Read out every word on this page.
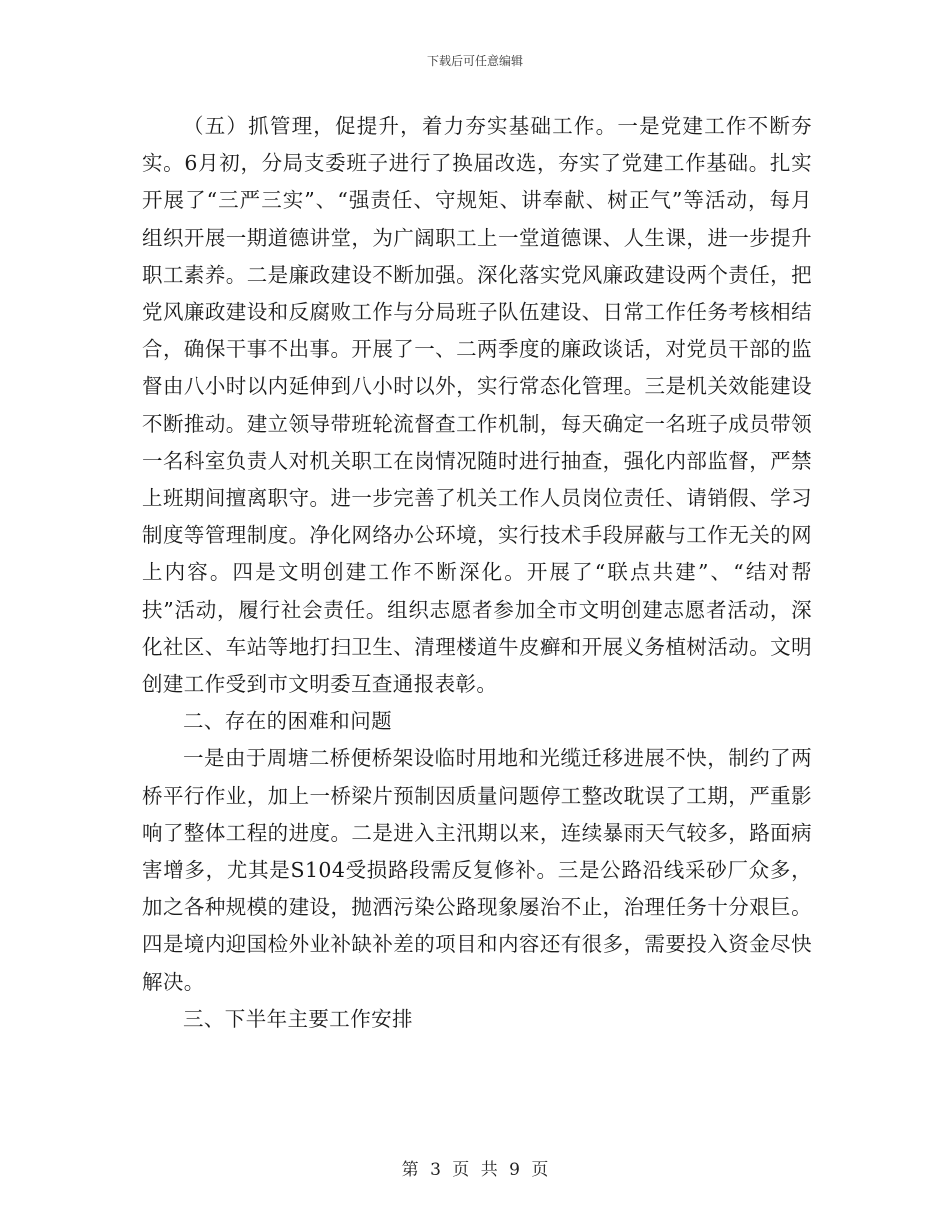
下载后可任意编辑

（五）抓管理，促提升，着力夯实基础工作。一是党建工作不断夯实。6月初，分局支委班子进行了换届改选，夯实了党建工作基础。扎实开展了“三严三实”、“强责任、守规矩、讲奉献、树正气”等活动，每月组织开展一期道德讲堂，为广阔职工上一堂道德课、人生课，进一步提升职工素养。二是廉政建设不断加强。深化落实党风廉政建设两个责任，把党风廉政建设和反腐败工作与分局班子队伍建设、日常工作任务考核相结合，确保干事不出事。开展了一、二两季度的廉政谈话，对党员干部的监督由八小时以内延伸到八小时以外，实行常态化管理。三是机关效能建设不断推动。建立领导带班轮流督查工作机制，每天确定一名班子成员带领一名科室负责人对机关职工在岗情况随时进行抽查，强化内部监督，严禁上班期间擅离职守。进一步完善了机关工作人员岗位责任、请销假、学习制度等管理制度。净化网络办公环境，实行技术手段屏蔽与工作无关的网上内容。四是文明创建工作不断深化。开展了“联点共建”、“结对帮扶”活动，履行社会责任。组织志愿者参加全市文明创建志愿者活动，深化社区、车站等地打扫卫生、清理楼道牛皮癣和开展义务植树活动。文明创建工作受到市文明委互查通报表彰。

二、存在的困难和问题

一是由于周塘二桥便桥架设临时用地和光缆迁移进展不快，制约了两桥平行作业，加上一桥梁片预制因质量问题停工整改耽误了工期，严重影响了整体工程的进度。二是进入主汛期以来，连续暴雨天气较多，路面病害增多，尤其是S104受损路段需反复修补。三是公路沿线采砂厂众多，加之各种规模的建设，抛洒污染公路现象屡治不止，治理任务十分艰巨。四是境内迎国检外业补缺补差的项目和内容还有很多，需要投入资金尽快解决。

三、下半年主要工作安排

第 3 页 共 9 页
